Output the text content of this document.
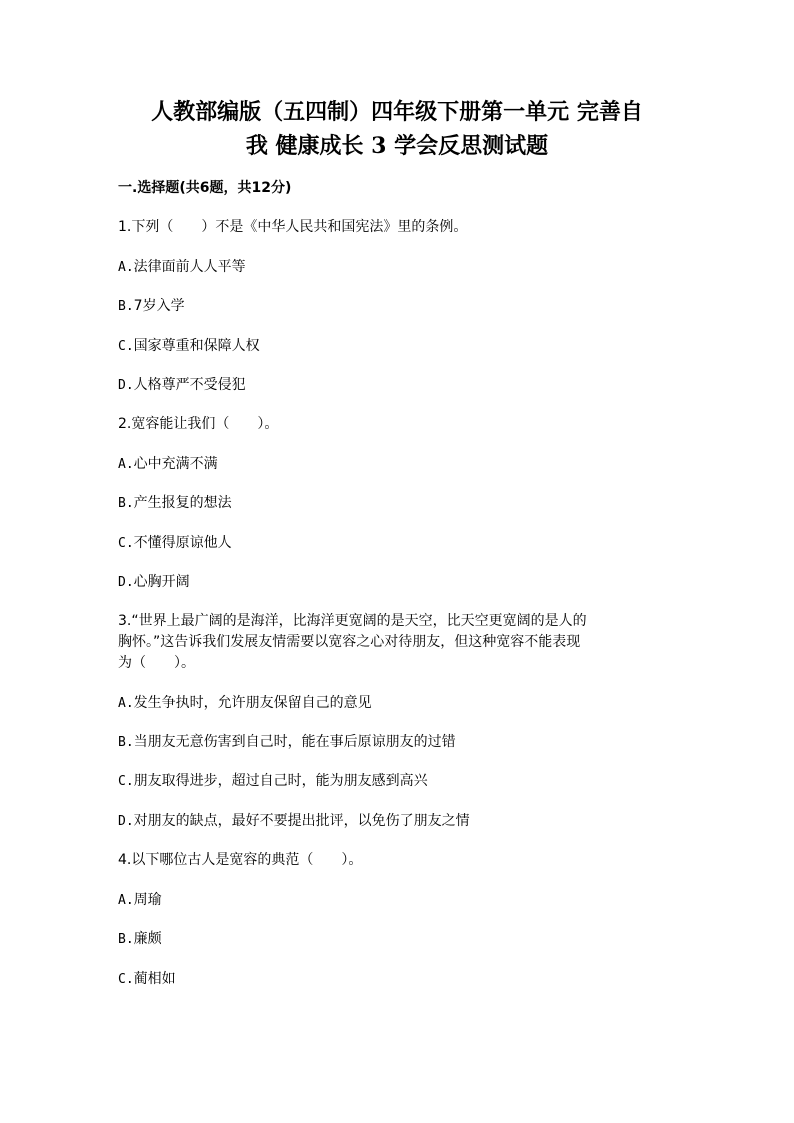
人教部编版（五四制）四年级下册第一单元 完善自
我 健康成长 3 学会反思测试题
一.选择题(共6题，共12分)
1.下列（　　）不是《中华人民共和国宪法》里的条例。
A.法律面前人人平等
B.7岁入学
C.国家尊重和保障人权
D.人格尊严不受侵犯
2.宽容能让我们（　　）。
A.心中充满不满
B.产生报复的想法
C.不懂得原谅他人
D.心胸开阔
3.“世界上最广阔的是海洋，比海洋更宽阔的是天空，比天空更宽阔的是人的
胸怀。”这告诉我们发展友情需要以宽容之心对待朋友，但这种宽容不能表现
为（　　）。
A.发生争执时，允许朋友保留自己的意见
B.当朋友无意伤害到自己时，能在事后原谅朋友的过错
C.朋友取得进步，超过自己时，能为朋友感到高兴
D.对朋友的缺点，最好不要提出批评，以免伤了朋友之情
4.以下哪位古人是宽容的典范（　　）。
A.周瑜
B.廉颇
C.蔺相如
